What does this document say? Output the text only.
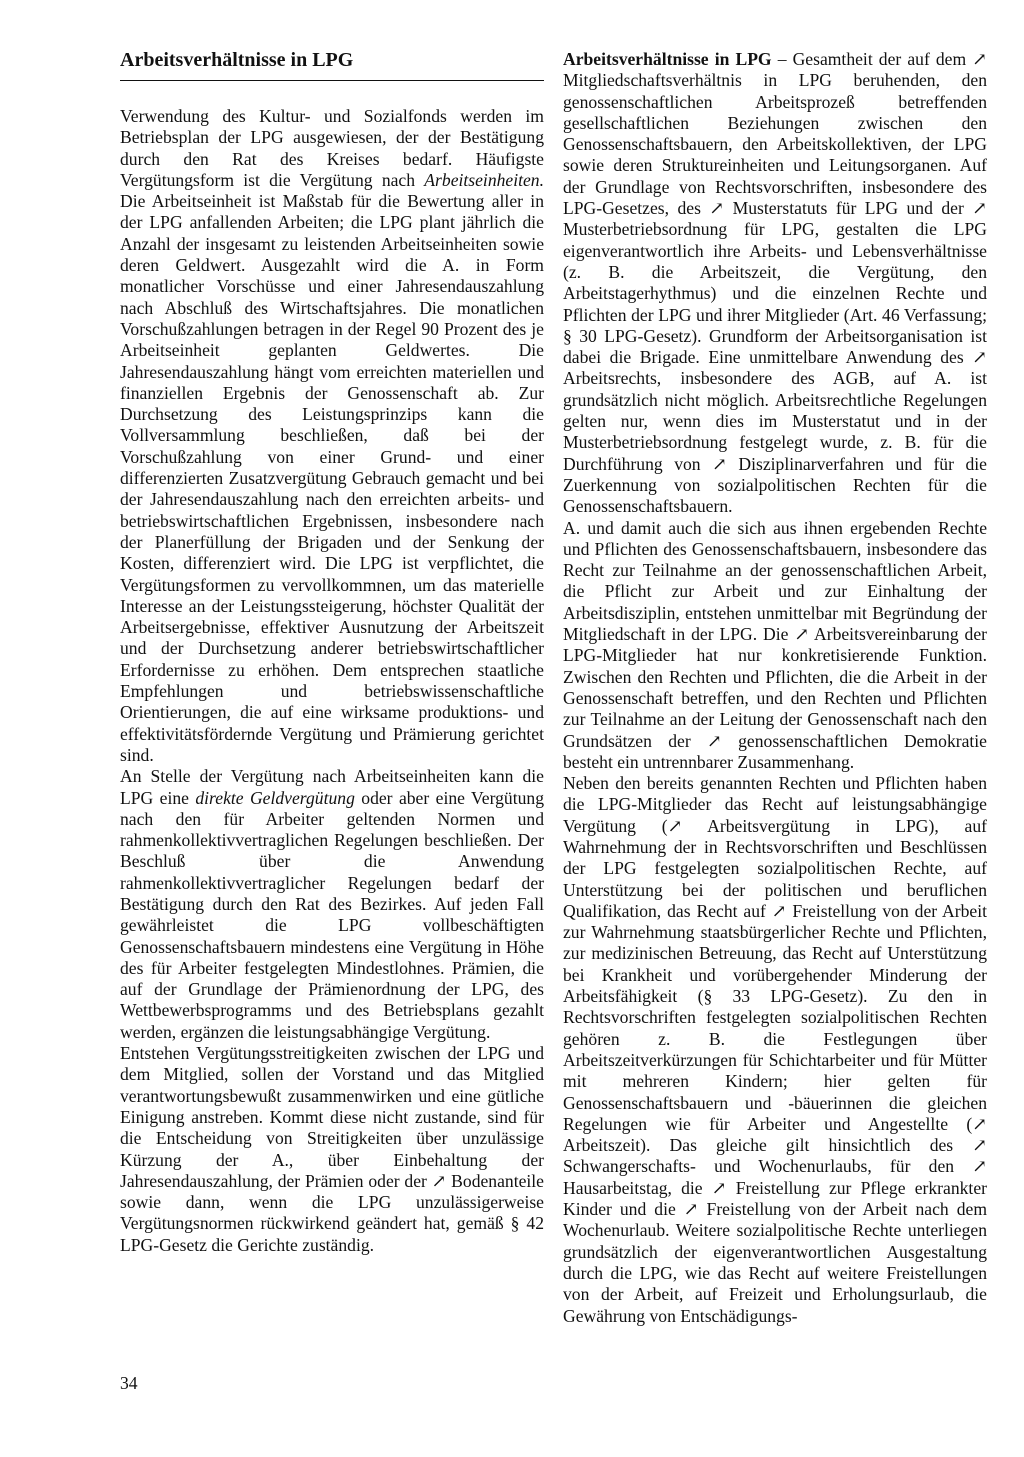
Arbeitsverhältnisse in LPG

Verwendung des Kultur- und Sozialfonds werden im Betriebsplan der LPG ausgewiesen, der der Bestätigung durch den Rat des Kreises bedarf. Häufigste Vergütungsform ist die Vergütung nach Arbeitseinheiten. Die Arbeitseinheit ist Maßstab für die Bewertung aller in der LPG anfallenden Arbeiten; die LPG plant jährlich die Anzahl der insgesamt zu leistenden Arbeitseinheiten sowie deren Geldwert. Ausgezahlt wird die A. in Form monatlicher Vorschüsse und einer Jahresendauszahlung nach Abschluß des Wirtschaftsjahres. Die monatlichen Vorschußzahlungen betragen in der Regel 90 Prozent des je Arbeitseinheit geplanten Geldwertes. Die Jahresendauszahlung hängt vom erreichten materiellen und finanziellen Ergebnis der Genossenschaft ab. Zur Durchsetzung des Leistungsprinzips kann die Vollversammlung beschließen, daß bei der Vorschußzahlung von einer Grund- und einer differenzierten Zusatzvergütung Gebrauch gemacht und bei der Jahresendauszahlung nach den erreichten arbeits- und betriebswirtschaftlichen Ergebnissen, insbesondere nach der Planerfüllung der Brigaden und der Senkung der Kosten, differenziert wird. Die LPG ist verpflichtet, die Vergütungsformen zu vervollkommnen, um das materielle Interesse an der Leistungssteigerung, höchster Qualität der Arbeitsergebnisse, effektiver Ausnutzung der Arbeitszeit und der Durchsetzung anderer betriebswirtschaftlicher Erfordernisse zu erhöhen. Dem entsprechen staatliche Empfehlungen und betriebswissenschaftliche Orientierungen, die auf eine wirksame produktions- und effektivitätsfördernde Vergütung und Prämierung gerichtet sind.

An Stelle der Vergütung nach Arbeitseinheiten kann die LPG eine direkte Geldvergütung oder aber eine Vergütung nach den für Arbeiter geltenden Normen und rahmenkollektivvertraglichen Regelungen beschließen. Der Beschluß über die Anwendung rahmenkollektivvertraglicher Regelungen bedarf der Bestätigung durch den Rat des Bezirkes. Auf jeden Fall gewährleistet die LPG vollbeschäftigten Genossenschaftsbauern mindestens eine Vergütung in Höhe des für Arbeiter festgelegten Mindestlohnes. Prämien, die auf der Grundlage der Prämienordnung der LPG, des Wettbewerbsprogramms und des Betriebsplans gezahlt werden, ergänzen die leistungsabhängige Vergütung.

Entstehen Vergütungsstreitigkeiten zwischen der LPG und dem Mitglied, sollen der Vorstand und das Mitglied verantwortungsbewußt zusammenwirken und eine gütliche Einigung anstreben. Kommt diese nicht zustande, sind für die Entscheidung von Streitigkeiten über unzulässige Kürzung der A., über Einbehaltung der Jahresendauszahlung, der Prämien oder der ↗ Bodenanteile sowie dann, wenn die LPG unzulässigerweise Vergütungsnormen rückwirkend geändert hat, gemäß § 42 LPG-Gesetz die Gerichte zuständig.

Arbeitsverhältnisse in LPG – Gesamtheit der auf dem ↗ Mitgliedschaftsverhältnis in LPG beruhenden, den genossenschaftlichen Arbeitsprozeß betreffenden gesellschaftlichen Beziehungen zwischen den Genossenschaftsbauern, den Arbeitskollektiven, der LPG sowie deren Struktureinheiten und Leitungsorganen. Auf der Grundlage von Rechtsvorschriften, insbesondere des LPG-Gesetzes, des ↗ Musterstatuts für LPG und der ↗ Musterbetriebsordnung für LPG, gestalten die LPG eigenverantwortlich ihre Arbeits- und Lebensverhältnisse (z. B. die Arbeitszeit, die Vergütung, den Arbeitstagerhythmus) und die einzelnen Rechte und Pflichten der LPG und ihrer Mitglieder (Art. 46 Verfassung; § 30 LPG-Gesetz). Grundform der Arbeitsorganisation ist dabei die Brigade. Eine unmittelbare Anwendung des ↗ Arbeitsrechts, insbesondere des AGB, auf A. ist grundsätzlich nicht möglich. Arbeitsrechtliche Regelungen gelten nur, wenn dies im Musterstatut und in der Musterbetriebsordnung festgelegt wurde, z. B. für die Durchführung von ↗ Disziplinarverfahren und für die Zuerkennung von sozialpolitischen Rechten für die Genossenschaftsbauern.

A. und damit auch die sich aus ihnen ergebenden Rechte und Pflichten des Genossenschaftsbauern, insbesondere das Recht zur Teilnahme an der genossenschaftlichen Arbeit, die Pflicht zur Arbeit und zur Einhaltung der Arbeitsdisziplin, entstehen unmittelbar mit Begründung der Mitgliedschaft in der LPG. Die ↗ Arbeitsvereinbarung der LPG-Mitglieder hat nur konkretisierende Funktion. Zwischen den Rechten und Pflichten, die die Arbeit in der Genossenschaft betreffen, und den Rechten und Pflichten zur Teilnahme an der Leitung der Genossenschaft nach den Grundsätzen der ↗ genossenschaftlichen Demokratie besteht ein untrennbarer Zusammenhang.

Neben den bereits genannten Rechten und Pflichten haben die LPG-Mitglieder das Recht auf leistungsabhängige Vergütung (↗ Arbeitsvergütung in LPG), auf Wahrnehmung der in Rechtsvorschriften und Beschlüssen der LPG festgelegten sozialpolitischen Rechte, auf Unterstützung bei der politischen und beruflichen Qualifikation, das Recht auf ↗ Freistellung von der Arbeit zur Wahrnehmung staatsbürgerlicher Rechte und Pflichten, zur medizinischen Betreuung, das Recht auf Unterstützung bei Krankheit und vorübergehender Minderung der Arbeitsfähigkeit (§ 33 LPG-Gesetz). Zu den in Rechtsvorschriften festgelegten sozialpolitischen Rechten gehören z. B. die Festlegungen über Arbeitszeitverkürzungen für Schichtarbeiter und für Mütter mit mehreren Kindern; hier gelten für Genossenschaftsbauern und -bäuerinnen die gleichen Regelungen wie für Arbeiter und Angestellte (↗ Arbeitszeit). Das gleiche gilt hinsichtlich des ↗ Schwangerschafts- und Wochenurlaubs, für den ↗ Hausarbeitstag, die ↗ Freistellung zur Pflege erkrankter Kinder und die ↗ Freistellung von der Arbeit nach dem Wochenurlaub. Weitere sozialpolitische Rechte unterliegen grundsätzlich der eigenverantwortlichen Ausgestaltung durch die LPG, wie das Recht auf weitere Freistellungen von der Arbeit, auf Freizeit und Erholungsurlaub, die Gewährung von Entschädigungs-

34
